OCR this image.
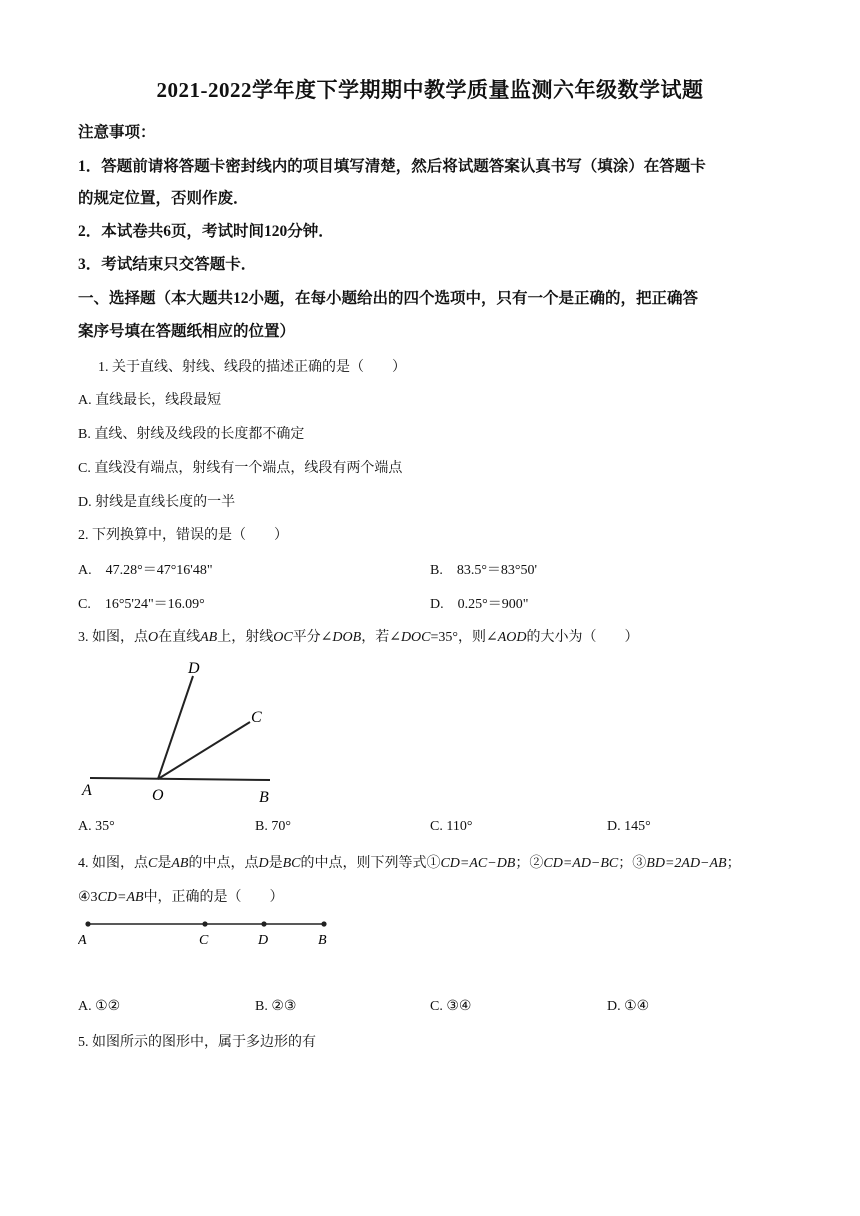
2021-2022学年度下学期期中教学质量监测六年级数学试题
注意事项：
1．答题前请将答题卡密封线内的项目填写清楚，然后将试题答案认真书写（填涂）在答题卡
的规定位置，否则作废．
2．本试卷共6页，考试时间120分钟．
3．考试结束只交答题卡．
一、选择题（本大题共12小题，在每小题给出的四个选项中，只有一个是正确的，把正确答
案序号填在答题纸相应的位置）
1. 关于直线、射线、线段的描述正确的是（　　）
A. 直线最长，线段最短
B. 直线、射线及线段的长度都不确定
C. 直线没有端点，射线有一个端点，线段有两个端点
D. 射线是直线长度的一半
2. 下列换算中，错误的是（　　）
A.　47.28°＝47°16'48"	B.　83.5°＝83°50'
C.　16°5'24"＝16.09°	D.　0.25°＝900"
3. 如图，点O在直线AB上，射线OC平分∠DOB，若∠DOC=35°，则∠AOD的大小为（　　）
D
C
A	O	B
A. 35°	B. 70°	C. 110°	D. 145°
4. 如图，点C是AB的中点，点D是BC的中点，则下列等式①CD=AC−DB；②CD=AD−BC；③BD=2AD−AB；
④3CD=AB中，正确的是（　　）
A	C	D	B
A. ①②	B. ②③	C. ③④	D. ①④
5. 如图所示的图形中，属于多边形的有
